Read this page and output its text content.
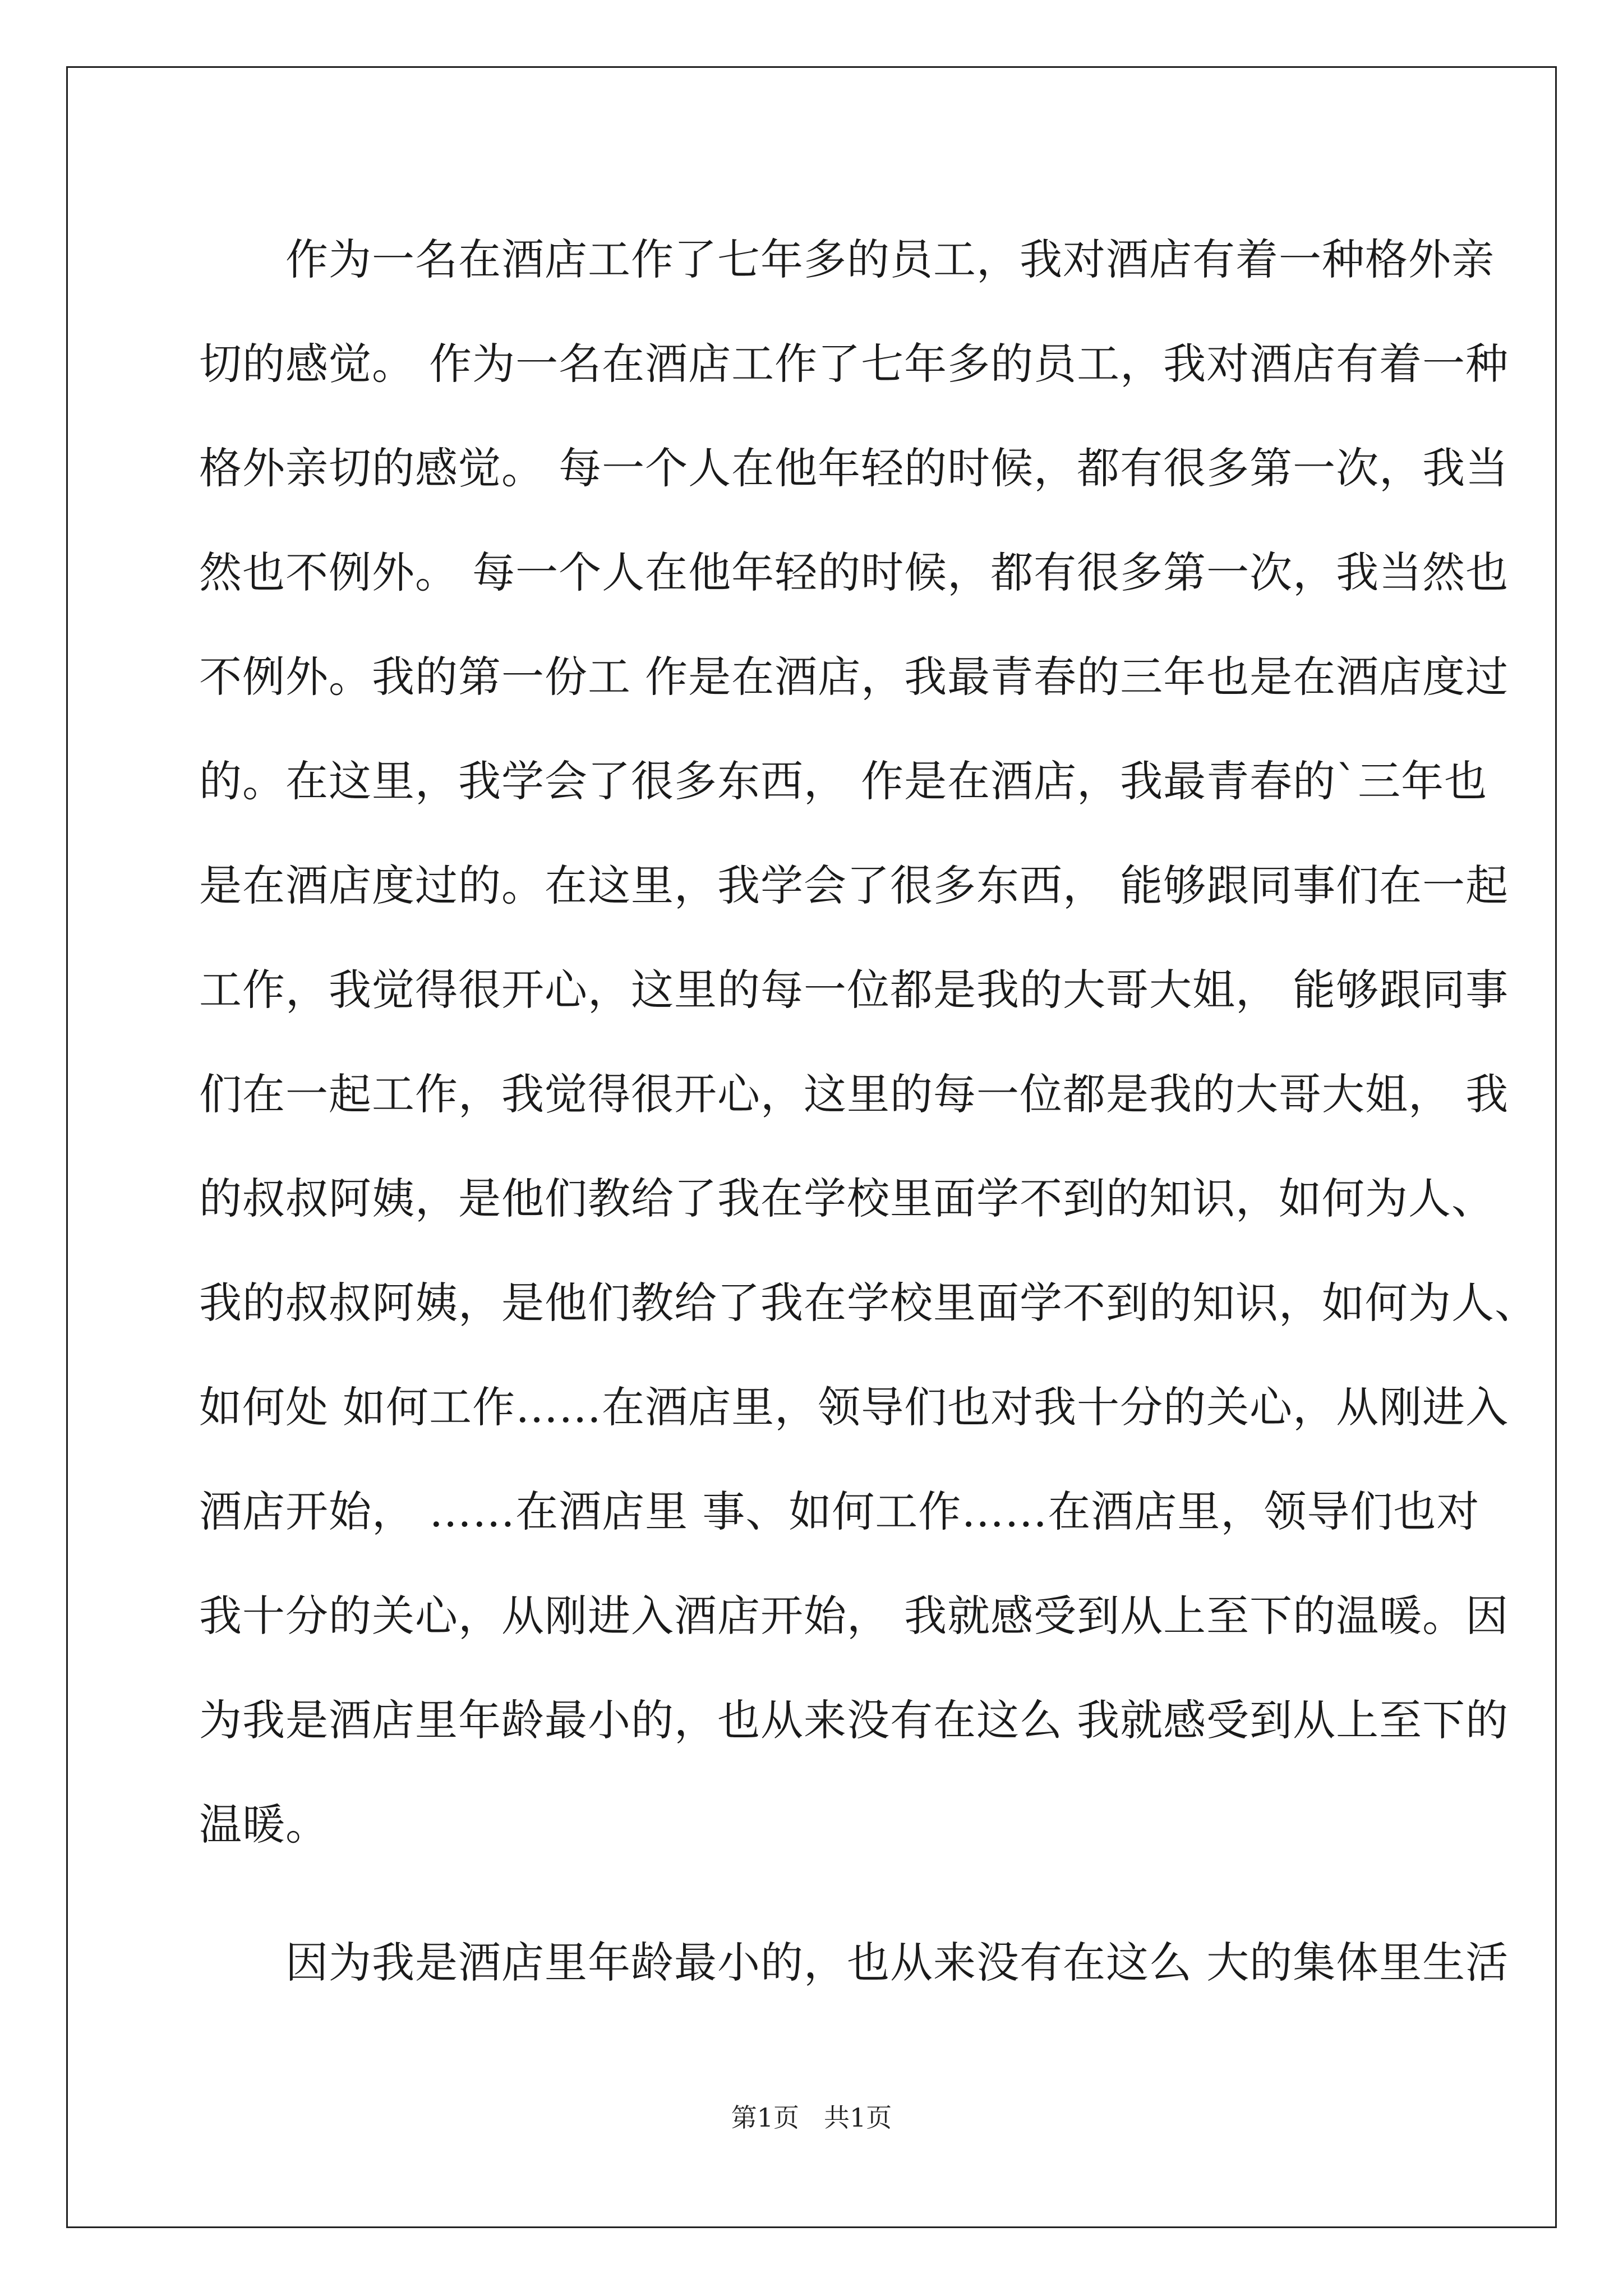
　　作为一名在酒店工作了七年多的员工，我对酒店有着一种格外亲
切的感觉。 作为一名在酒店工作了七年多的员工，我对酒店有着一种
格外亲切的感觉。 每一个人在他年轻的时候，都有很多第一次，我当
然也不例外。 每一个人在他年轻的时候，都有很多第一次，我当然也
不例外。我的第一份工 作是在酒店，我最青春的三年也是在酒店度过
的。在这里，我学会了很多东西， 作是在酒店，我最青春的`三年也
是在酒店度过的。在这里，我学会了很多东西， 能够跟同事们在一起
工作，我觉得很开心，这里的每一位都是我的大哥大姐， 能够跟同事
们在一起工作，我觉得很开心，这里的每一位都是我的大哥大姐， 我
的叔叔阿姨，是他们教给了我在学校里面学不到的知识，如何为人、
我的叔叔阿姨，是他们教给了我在学校里面学不到的知识，如何为人、
如何处 如何工作……在酒店里，领导们也对我十分的关心，从刚进入
酒店开始， ……在酒店里 事、如何工作……在酒店里，领导们也对
我十分的关心，从刚进入酒店开始， 我就感受到从上至下的温暖。因
为我是酒店里年龄最小的，也从来没有在这么 我就感受到从上至下的
温暖。
　　因为我是酒店里年龄最小的，也从来没有在这么 大的集体里生活
第1页 共1页
